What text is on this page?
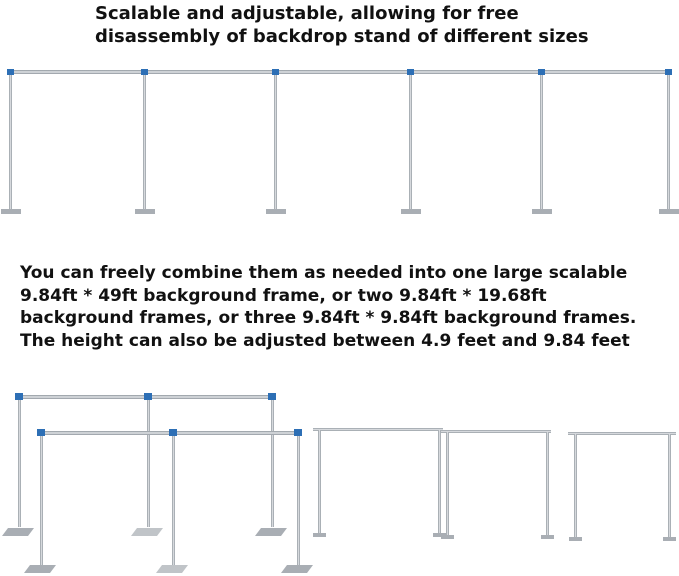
Scalable and adjustable, allowing for free
disassembly of backdrop stand of different sizes
You can freely combine them as needed into one large scalable
9.84ft * 49ft background frame, or two 9.84ft * 19.68ft
background frames, or three 9.84ft * 9.84ft background frames.
The height can also be adjusted between 4.9 feet and 9.84 feet
